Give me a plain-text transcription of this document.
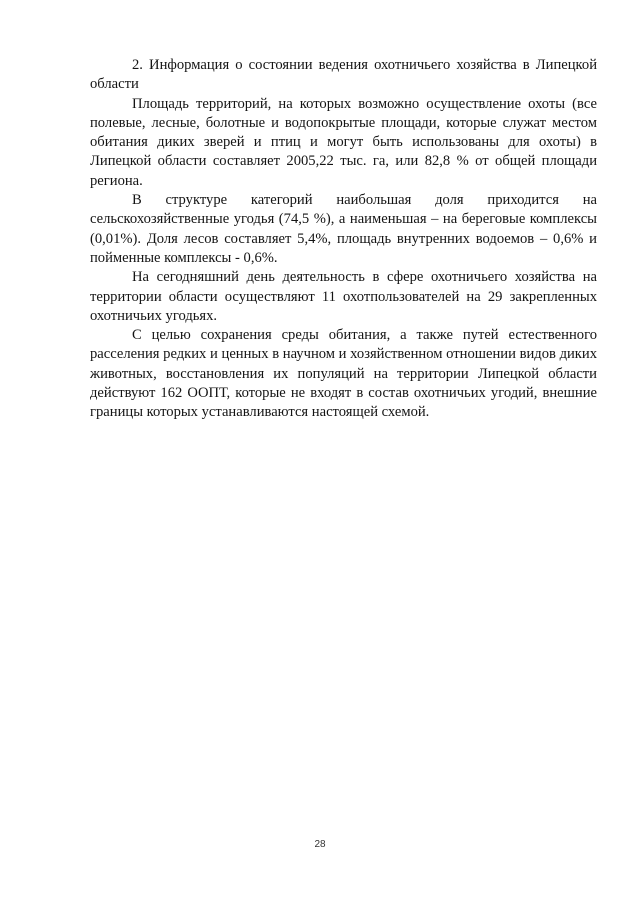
2. Информация о состоянии ведения охотничьего хозяйства в Липецкой области

Площадь территорий, на которых возможно осуществление охоты (все полевые, лесные, болотные и водопокрытые площади, которые служат местом обитания диких зверей и птиц и могут быть использованы для охоты) в Липецкой области составляет 2005,22 тыс. га, или 82,8 % от общей площади региона.

В структуре категорий наибольшая доля приходится на сельскохозяйственные угодья (74,5 %), а наименьшая – на береговые комплексы (0,01%). Доля лесов составляет 5,4%, площадь внутренних водоемов – 0,6% и пойменные комплексы - 0,6%.

На сегодняшний день деятельность в сфере охотничьего хозяйства на территории области осуществляют 11 охотпользователей на 29 закрепленных охотничьих угодьях.

С целью сохранения среды обитания, а также путей естественного расселения редких и ценных в научном и хозяйственном отношении видов диких животных, восстановления их популяций на территории Липецкой области действуют 162 ООПТ, которые не входят в состав охотничьих угодий, внешние границы которых устанавливаются настоящей схемой.

28
